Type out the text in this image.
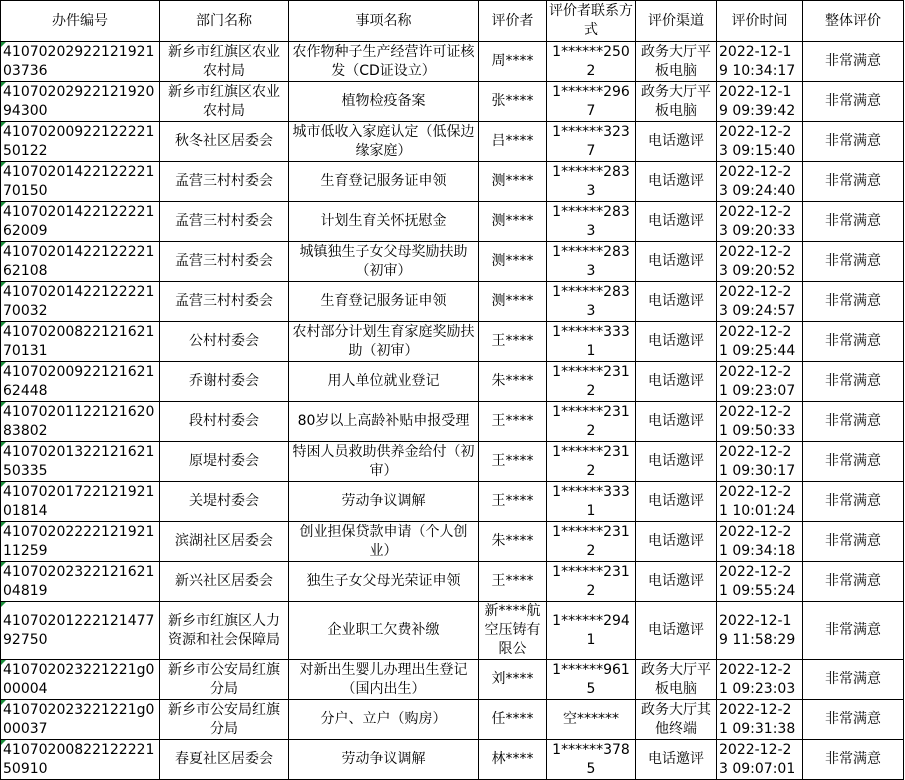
办件编号	部门名称	事项名称	评价者	评价者联系方式	评价渠道	评价时间	整体评价
4107020292212192103736	新乡市红旗区农业农村局	农作物种子生产经营许可证核发（CD证设立）	周****	1******2502	政务大厅平板电脑	2022-12-19 10:34:17	非常满意
4107020292212192094300	新乡市红旗区农业农村局	植物检疫备案	张****	1******2967	政务大厅平板电脑	2022-12-19 09:39:42	非常满意
4107020092212222150122	秋冬社区居委会	城市低收入家庭认定（低保边缘家庭）	吕****	1******3237	电话邀评	2022-12-23 09:15:40	非常满意
4107020142212222170150	孟营三村村委会	生育登记服务证申领	测****	1******2833	电话邀评	2022-12-23 09:24:40	非常满意
4107020142212222162009	孟营三村村委会	计划生育关怀抚慰金	测****	1******2833	电话邀评	2022-12-23 09:20:33	非常满意
4107020142212222162108	孟营三村村委会	城镇独生子女父母奖励扶助（初审）	测****	1******2833	电话邀评	2022-12-23 09:20:52	非常满意
4107020142212222170032	孟营三村村委会	生育登记服务证申领	测****	1******2833	电话邀评	2022-12-23 09:24:57	非常满意
4107020082212162170131	公村村委会	农村部分计划生育家庭奖励扶助（初审）	王****	1******3331	电话邀评	2022-12-21 09:25:44	非常满意
4107020092212162162448	乔谢村委会	用人单位就业登记	朱****	1******2312	电话邀评	2022-12-21 09:23:07	非常满意
4107020112212162083802	段村村委会	80岁以上高龄补贴申报受理	王****	1******2312	电话邀评	2022-12-21 09:50:33	非常满意
4107020132212162150335	原堤村委会	特困人员救助供养金给付（初审）	王****	1******2312	电话邀评	2022-12-21 09:30:17	非常满意
4107020172212192101814	关堤村委会	劳动争议调解	王****	1******3331	电话邀评	2022-12-21 10:01:24	非常满意
4107020222212192111259	滨湖社区居委会	创业担保贷款申请（个人创业）	朱****	1******2312	电话邀评	2022-12-21 09:34:18	非常满意
4107020232212162104819	新兴社区居委会	独生子女父母光荣证申领	王****	1******2312	电话邀评	2022-12-21 09:55:24	非常满意
4107020122212147792750	新乡市红旗区人力资源和社会保障局	企业职工欠费补缴	新****航空压铸有限公	1******2941	电话邀评	2022-12-19 11:58:29	非常满意
410702023221221g000004	新乡市公安局红旗分局	对新出生婴儿办理出生登记（国内出生）	刘****	1******9615	政务大厅平板电脑	2022-12-21 09:23:03	非常满意
410702023221221g000037	新乡市公安局红旗分局	分户、立户（购房）	任****	空******	政务大厅其他终端	2022-12-21 09:31:38	非常满意
4107020082212222150910	春夏社区居委会	劳动争议调解	林****	1******3785	电话邀评	2022-12-23 09:07:01	非常满意
